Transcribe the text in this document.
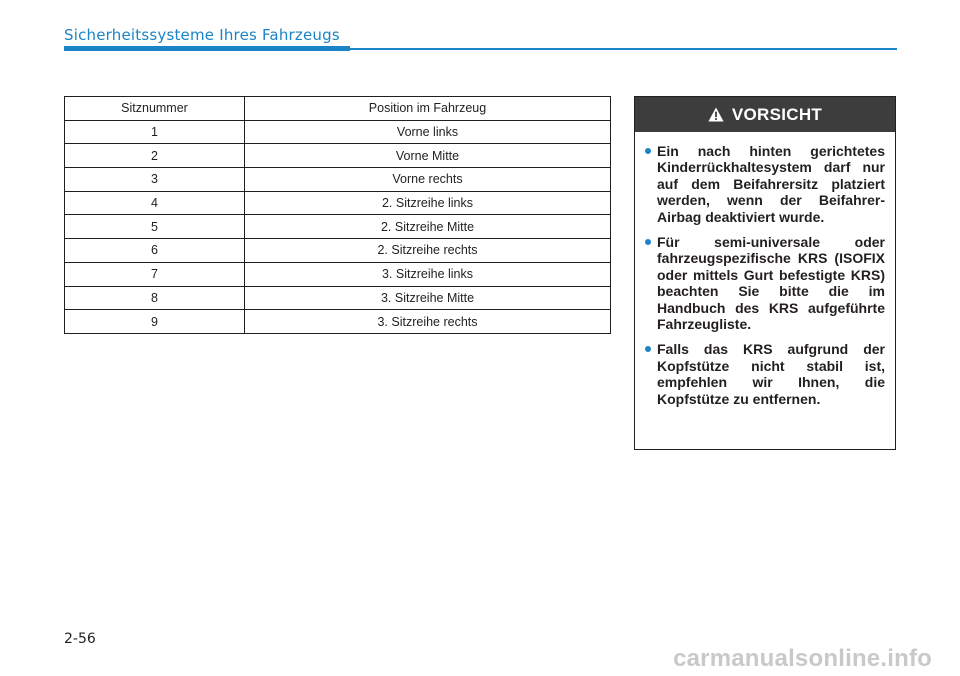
Sicherheitssysteme Ihres Fahrzeugs
Sitznummer	Position im Fahrzeug
1	Vorne links
2	Vorne Mitte
3	Vorne rechts
4	2. Sitzreihe links
5	2. Sitzreihe Mitte
6	2. Sitzreihe rechts
7	3. Sitzreihe links
8	3. Sitzreihe Mitte
9	3. Sitzreihe rechts
VORSICHT
Ein nach hinten gerichtetes Kinderrückhaltesystem darf nur auf dem Beifahrersitz platziert werden, wenn der Beifahrer-Airbag deaktiviert wurde.
Für semi-universale oder fahrzeugspezifische KRS (ISOFIX oder mittels Gurt befestigte KRS) beachten Sie bitte die im Handbuch des KRS aufgeführte Fahrzeugliste.
Falls das KRS aufgrund der Kopfstütze nicht stabil ist, empfehlen wir Ihnen, die Kopfstütze zu entfernen.
2-56
carmanualsonline.info
